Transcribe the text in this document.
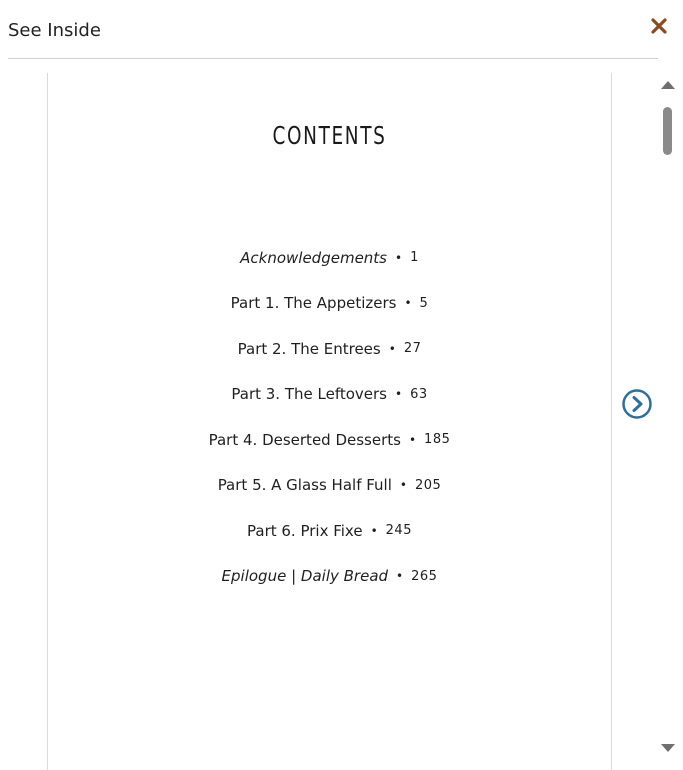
See Inside
CONTENTS
Acknowledgements • 1
Part 1. The Appetizers • 5
Part 2. The Entrees • 27
Part 3. The Leftovers • 63
Part 4. Deserted Desserts • 185
Part 5. A Glass Half Full • 205
Part 6. Prix Fixe • 245
Epilogue | Daily Bread • 265
